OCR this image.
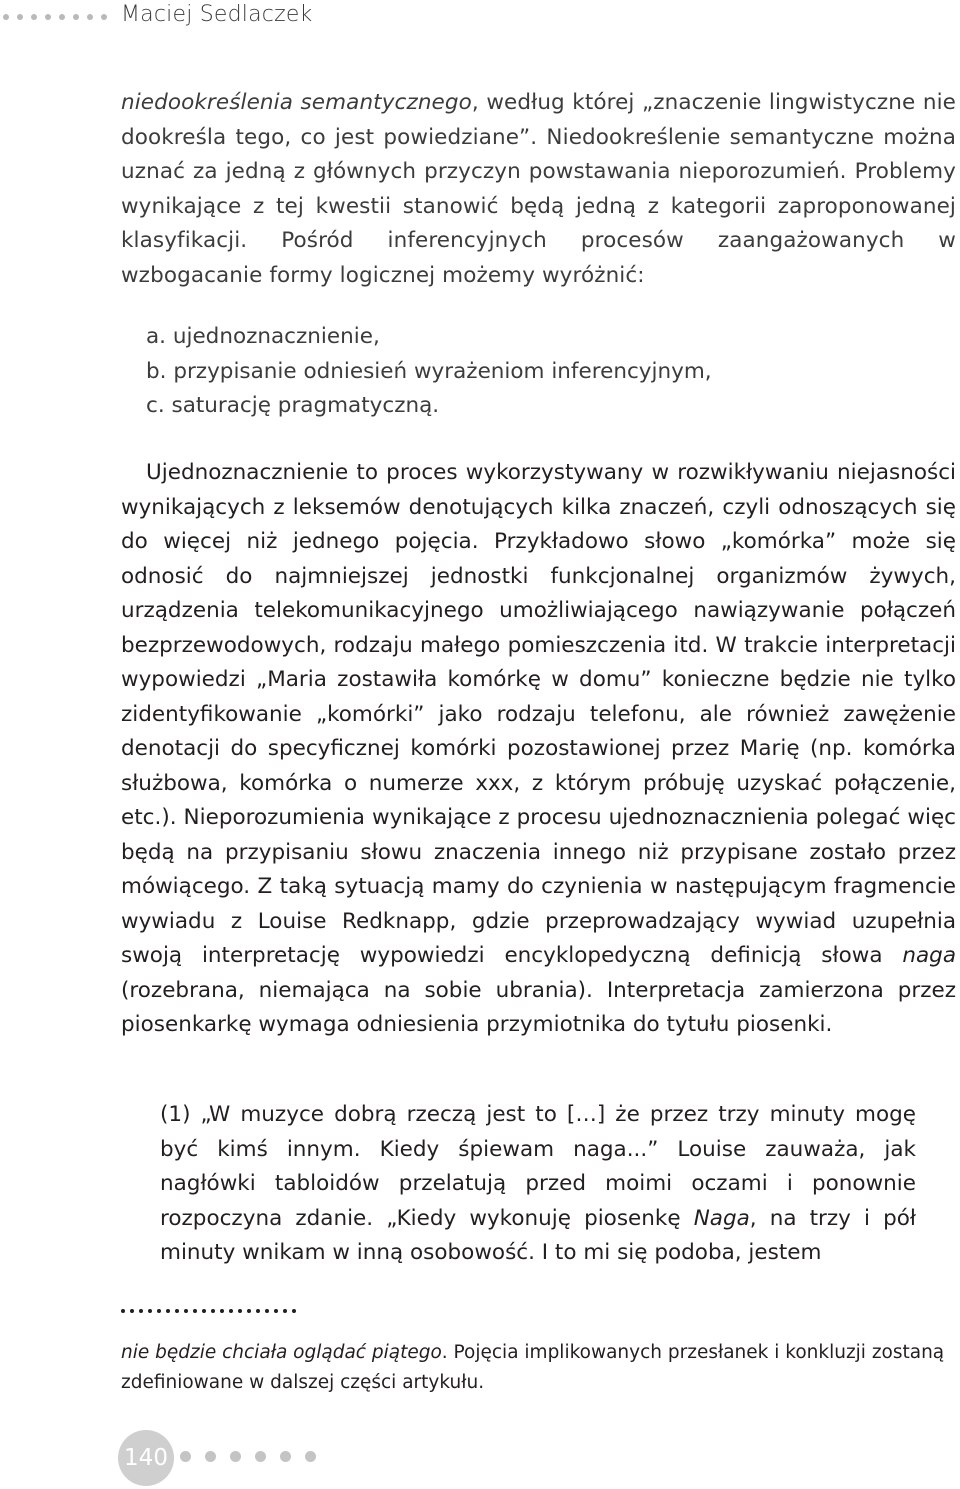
Maciej Sedlaczek

niedookreślenia semantycznego, według której „znaczenie lingwistyczne nie dookreśla tego, co jest powiedziane”. Niedookreślenie semantyczne można uznać za jedną z głównych przyczyn powstawania nieporozumień. Problemy wynikające z tej kwestii stanowić będą jedną z kategorii zaproponowanej klasyfikacji. Pośród inferencyjnych procesów zaangażowanych w wzbogacanie formy logicznej możemy wyróżnić:

a. ujednoznacznienie,
b. przypisanie odniesień wyrażeniom inferencyjnym,
c. saturację pragmatyczną.

Ujednoznacznienie to proces wykorzystywany w rozwikływaniu niejasności wynikających z leksemów denotujących kilka znaczeń, czyli odnoszących się do więcej niż jednego pojęcia. Przykładowo słowo „komórka” może się odnosić do najmniejszej jednostki funkcjonalnej organizmów żywych, urządzenia telekomunikacyjnego umożliwiającego nawiązywanie połączeń bezprzewodowych, rodzaju małego pomieszczenia itd. W trakcie interpretacji wypowiedzi „Maria zostawiła komórkę w domu” konieczne będzie nie tylko zidentyfikowanie „komórki” jako rodzaju telefonu, ale również zawężenie denotacji do specyficznej komórki pozostawionej przez Marię (np. komórka służbowa, komórka o numerze xxx, z którym próbuję uzyskać połączenie, etc.). Nieporozumienia wynikające z procesu ujednoznacznienia polegać więc będą na przypisaniu słowu znaczenia innego niż przypisane zostało przez mówiącego. Z taką sytuacją mamy do czynienia w następującym fragmencie wywiadu z Louise Redknapp, gdzie przeprowadzający wywiad uzupełnia swoją interpretację wypowiedzi encyklopedyczną definicją słowa naga (rozebrana, niemająca na sobie ubrania). Interpretacja zamierzona przez piosenkarkę wymaga odniesienia przymiotnika do tytułu piosenki.

(1) „W muzyce dobrą rzeczą jest to […] że przez trzy minuty mogę być kimś innym. Kiedy śpiewam naga...” Louise zauważa, jak nagłówki tabloidów przelatują przed moimi oczami i ponownie rozpoczyna zdanie. „Kiedy wykonuję piosenkę Naga, na trzy i pół minuty wnikam w inną osobowość. I to mi się podoba, jestem

nie będzie chciała oglądać piątego. Pojęcia implikowanych przesłanek i konkluzji zostaną zdefiniowane w dalszej części artykułu.

140
